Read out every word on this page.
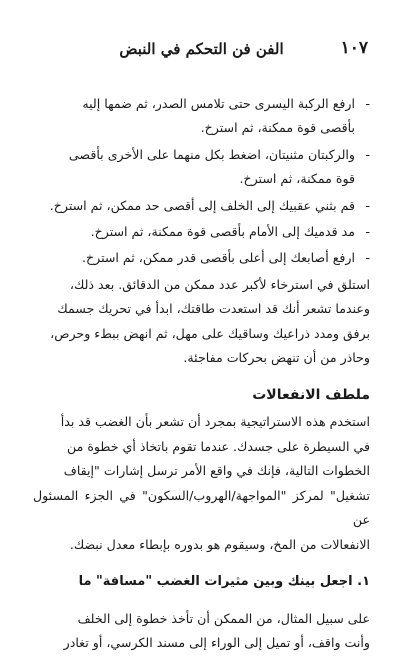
الفن فن التحكم في النبض	١٠٧
-
ارفع الركبة اليسرى حتى تلامس الصدر، ثم ضمها إليه
بأقصى قوة ممكنة، ثم استرخ.
-
والركبتان مثنيتان، اضغط بكل منهما على الأخرى بأقصى
قوة ممكنة، ثم استرخ.
-
قم بثني عقبيك إلى الخلف إلى أقصى حد ممكن، ثم استرخ.
-
مد قدميك إلى الأمام بأقصى قوة ممكنة، ثم استرخ.
-
ارفع أصابعك إلى أعلى بأقصى قدر ممكن، ثم استرخ.
استلق في استرخاء لأكبر عدد ممكن من الدقائق. بعد ذلك،
وعندما تشعر أنك قد استعدت طاقتك، ابدأ في تحريك جسمك
برفق ومدد ذراعيك وساقيك على مهل، ثم انهض ببطء وحرص،
وحاذر من أن تنهض بحركات مفاجئة.
ملطف الانفعالات
استخدم هذه الاستراتيجية بمجرد أن تشعر بأن الغضب قد بدأ
في السيطرة على جسدك. عندما تقوم باتخاذ أي خطوة من
الخطوات التالية، فإنك في واقع الأمر ترسل إشارات "إيقاف
تشغيل" لمركز "المواجهة/الهروب/السكون" في الجزء المسئول عن
الانفعالات من المخ، وسيقوم هو بدوره بإبطاء معدل نبضك.
١. اجعل بينك وبين مثيرات الغضب "مسافة" ما
على سبيل المثال، من الممكن أن تأخذ خطوة إلى الخلف
وأنت واقف، أو تميل إلى الوراء إلى مسند الكرسي، أو تغادر
